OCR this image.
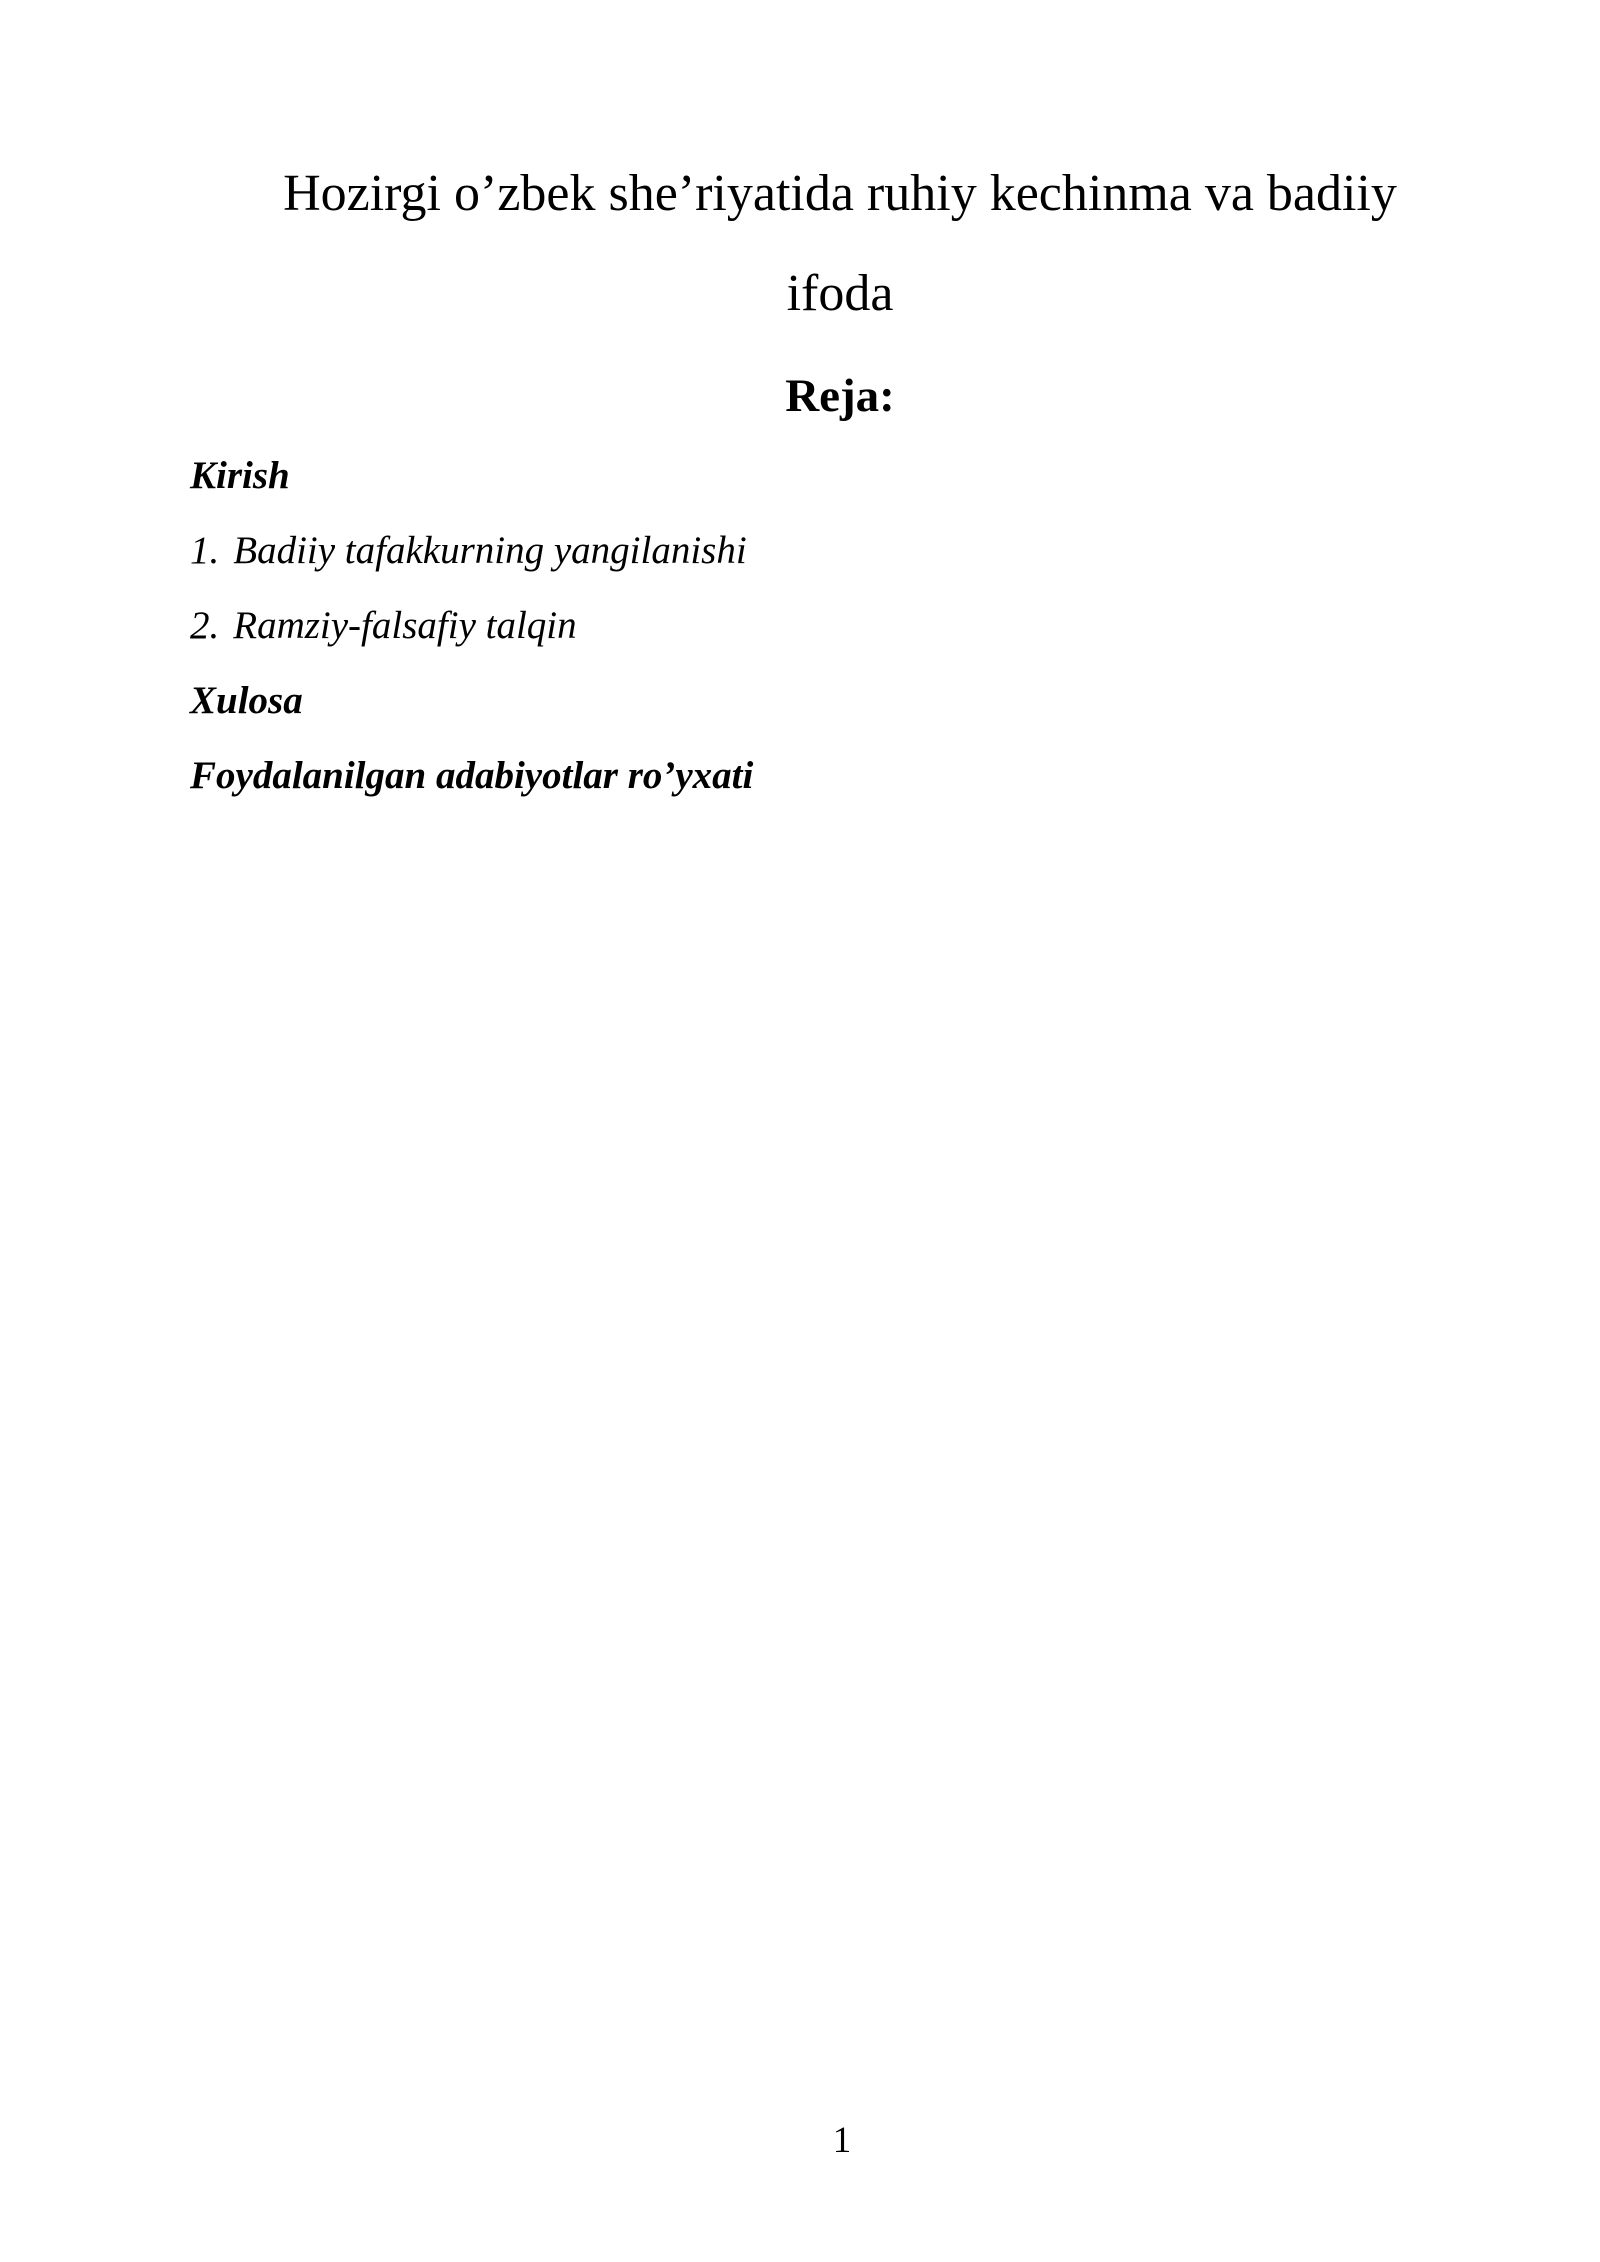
Hozirgi o’zbek she’riyatida ruhiy kechinma va badiiy
ifoda
Reja:
Kirish
1. Badiiy tafakkurning yangilanishi
2. Ramziy-falsafiy talqin
Xulosa
Foydalanilgan adabiyotlar ro’yxati
1
